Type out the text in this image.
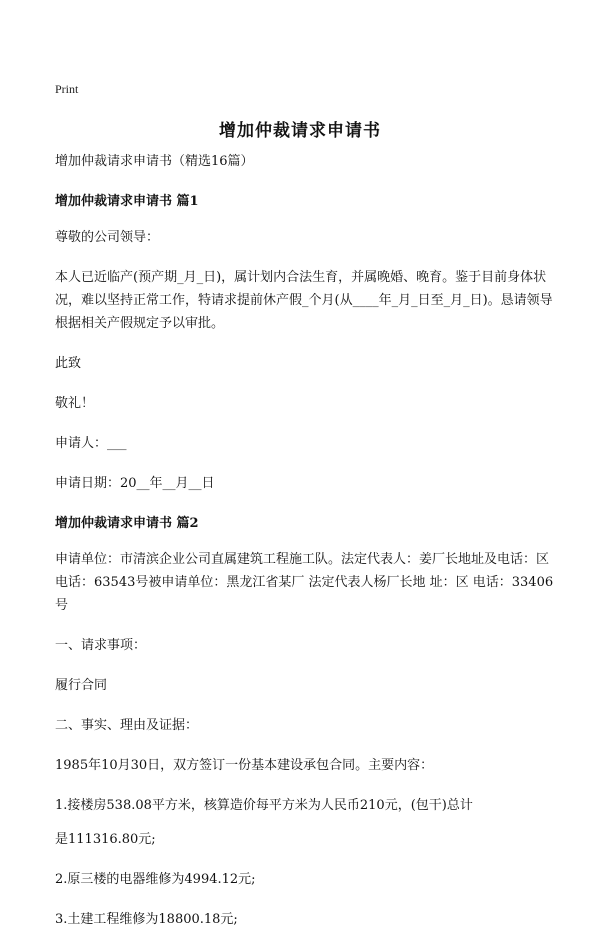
Print
增加仲裁请求申请书

增加仲裁请求申请书（精选16篇）

增加仲裁请求申请书 篇1

尊敬的公司领导：

本人已近临产(预产期_月_日)，属计划内合法生育，并属晚婚、晚育。鉴于目前身体状况，难以坚持正常工作，特请求提前休产假_个月(从____年_月_日至_月_日)。恳请领导根据相关产假规定予以审批。

此致

敬礼！

申请人：___

申请日期：20__年__月__日

增加仲裁请求申请书 篇2

申请单位：市清滨企业公司直属建筑工程施工队。法定代表人：姜厂长地址及电话：区 电话：63543号被申请单位：黑龙江省某厂 法定代表人杨厂长地 址：区 电话：33406号

一、请求事项：

履行合同

二、事实、理由及证据：

1985年10月30日，双方签订一份基本建设承包合同。主要内容：

1.接楼房538.08平方米，核算造价每平方米为人民币210元，(包干)总计

是111316.80元;

2.原三楼的电器维修为4994.12元;

3.土建工程维修为18800.18元;
